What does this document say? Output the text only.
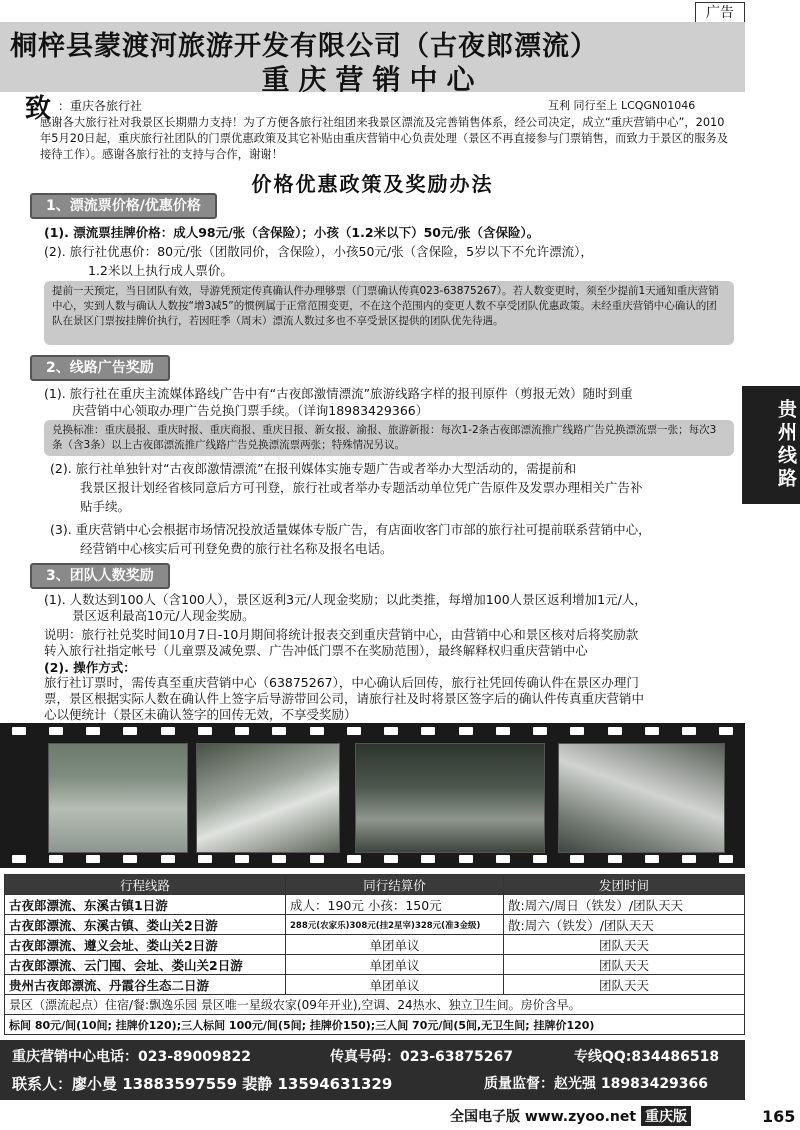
广告
桐梓县蒙渡河旅游开发有限公司（古夜郎漂流）
重庆营销中心
致 ：重庆各旅行社	互利 同行至上 LCQGN01046
感谢各大旅行社对我景区长期鼎力支持！为了方便各旅行社组团来我景区漂流及完善销售体系，经公司决定，成立“重庆营销中心”，2010年5月20日起，重庆旅行社团队的门票优惠政策及其它补贴由重庆营销中心负责处理（景区不再直接参与门票销售，而致力于景区的服务及接待工作）。感谢各旅行社的支持与合作，谢谢！
价格优惠政策及奖励办法
1、漂流票价格/优惠价格
(1). 漂流票挂牌价格：成人98元/张（含保险）；小孩（1.2米以下）50元/张（含保险）。
(2). 旅行社优惠价：80元/张（团散同价，含保险），小孩50元/张（含保险，5岁以下不允许漂流），
1.2米以上执行成人票价。
提前一天预定，当日团队有效，导游凭预定传真确认件办理够票（门票确认传真023-63875267）。若人数变更时，须至少提前1天通知重庆营销中心，实到人数与确认人数按“增3减5”的惯例属于正常范围变更，不在这个范围内的变更人数不享受团队优惠政策。未经重庆营销中心确认的团队在景区门票按挂牌价执行，若因旺季（周末）漂流人数过多也不享受景区提供的团队优先待遇。
2、线路广告奖励
(1). 旅行社在重庆主流媒体路线广告中有“古夜郎激情漂流”旅游线路字样的报刊原件（剪报无效）随时到重
庆营销中心领取办理广告兑换门票手续。（详询18983429366）
兑换标准：重庆晨报、重庆时报、重庆商报、重庆日报、新女报、渝报、旅游新报：每次1-2条古夜郎漂流推广线路广告兑换漂流票一张；每次3条（含3条）以上古夜郎漂流推广线路广告兑换漂流票两张；特殊情况另议。
(2). 旅行社单独针对“古夜郎激情漂流”在报刊媒体实施专题广告或者举办大型活动的，需提前和
我景区报计划经省核同意后方可刊登，旅行社或者举办专题活动单位凭广告原件及发票办理相关广告补
贴手续。
(3). 重庆营销中心会根据市场情况投放适量媒体专版广告，有店面收客门市部的旅行社可提前联系营销中心，
经营销中心核实后可刊登免费的旅行社名称及报名电话。
3、团队人数奖励
(1). 人数达到100人（含100人），景区返利3元/人现金奖励；以此类推，每增加100人景区返利增加1元/人，
景区返利最高10元/人现金奖励。
说明：旅行社兑奖时间10月7日-10月期间将统计报表交到重庆营销中心，由营销中心和景区核对后将奖励款
转入旅行社指定帐号（儿童票及减免票、广告冲低门票不在奖励范围），最终解释权归重庆营销中心
(2). 操作方式：
旅行社订票时，需传真至重庆营销中心（63875267），中心确认后回传，旅行社凭回传确认件在景区办理门
票，景区根据实际人数在确认件上签字后导游带回公司，请旅行社及时将景区签字后的确认件传真重庆营销中
心以便统计（景区未确认签字的回传无效，不享受奖励）
行程线路	同行结算价	发团时间
古夜郎漂流、东溪古镇1日游	成人：190元 小孩：150元	散:周六/周日（铁发）/团队天天
古夜郎漂流、东溪古镇、娄山关2日游	288元(农家乐)308元(挂2星宰)328元(准3金级)	散:周六（铁发）/团队天天
古夜郎漂流、遵义会址、娄山关2日游	单团单议	团队天天
古夜郎漂流、云门囤、会址、娄山关2日游	单团单议	团队天天
贵州古夜郎漂流、丹霞谷生态二日游	单团单议	团队天天
景区（漂流起点）住宿/餐:飘逸乐园 景区唯一星级农家(09年开业),空调、24热水、独立卫生间。房价含早。		
标间 80元/间(10间; 挂牌价120);三人标间 100元/间(5间; 挂牌价150);三人间 70元/间(5间,无卫生间; 挂牌价120)		
重庆营销中心电话：023-89009822	传真号码：023-63875267	专线QQ:834486518
联系人：廖小曼 13883597559 裴静 13594631329	质量监督：赵光强 18983429366
贵州线路
全国电子版 www.zyoo.net 重庆版	165
